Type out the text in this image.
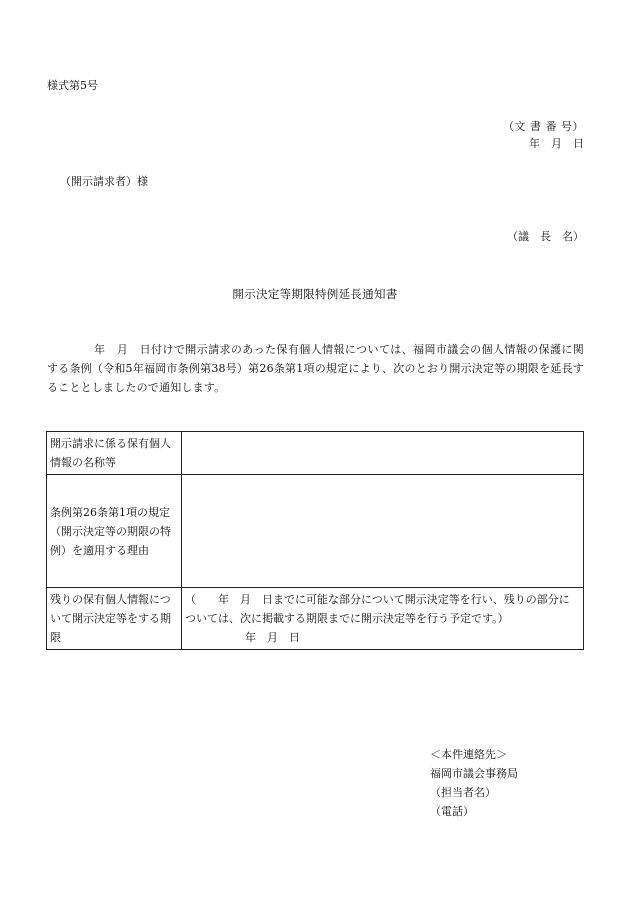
様式第5号
（文 書 番 号）
年　月　日
（開示請求者）様
（議　長　名）
開示決定等期限特例延長通知書
年　月　日付けで開示請求のあった保有個人情報については、福岡市議会の個人情報の保護に関する条例（令和5年福岡市条例第38号）第26条第1項の規定により、次のとおり開示決定等の期限を延長することとしましたので通知します。
開示請求に係る保有個人情報の名称等	
条例第26条第1項の規定（開示決定等の期限の特例）を適用する理由	
残りの保有個人情報について開示決定等をする期限	（　　年　月　日までに可能な部分について開示決定等を行い、残りの部分については、次に掲載する期限までに開示決定等を行う予定です。）
年　月　日
＜本件連絡先＞
福岡市議会事務局
（担当者名）
（電話）
